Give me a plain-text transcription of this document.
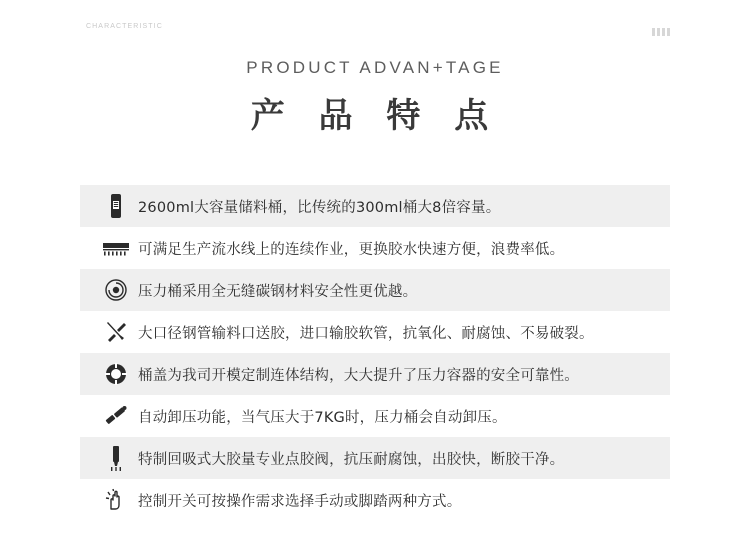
CHARACTERISTIC
PRODUCT ADVAN+TAGE
产 品 特 点
2600ml大容量储料桶，比传统的300ml桶大8倍容量。
可满足生产流水线上的连续作业，更换胶水快速方便，浪费率低。
压力桶采用全无缝碳钢材料安全性更优越。
大口径钢管输料口送胶，进口输胶软管，抗氧化、耐腐蚀、不易破裂。
桶盖为我司开模定制连体结构，大大提升了压力容器的安全可靠性。
自动卸压功能，当气压大于7KG时，压力桶会自动卸压。
特制回吸式大胶量专业点胶阀，抗压耐腐蚀，出胶快，断胶干净。
控制开关可按操作需求选择手动或脚踏两种方式。
